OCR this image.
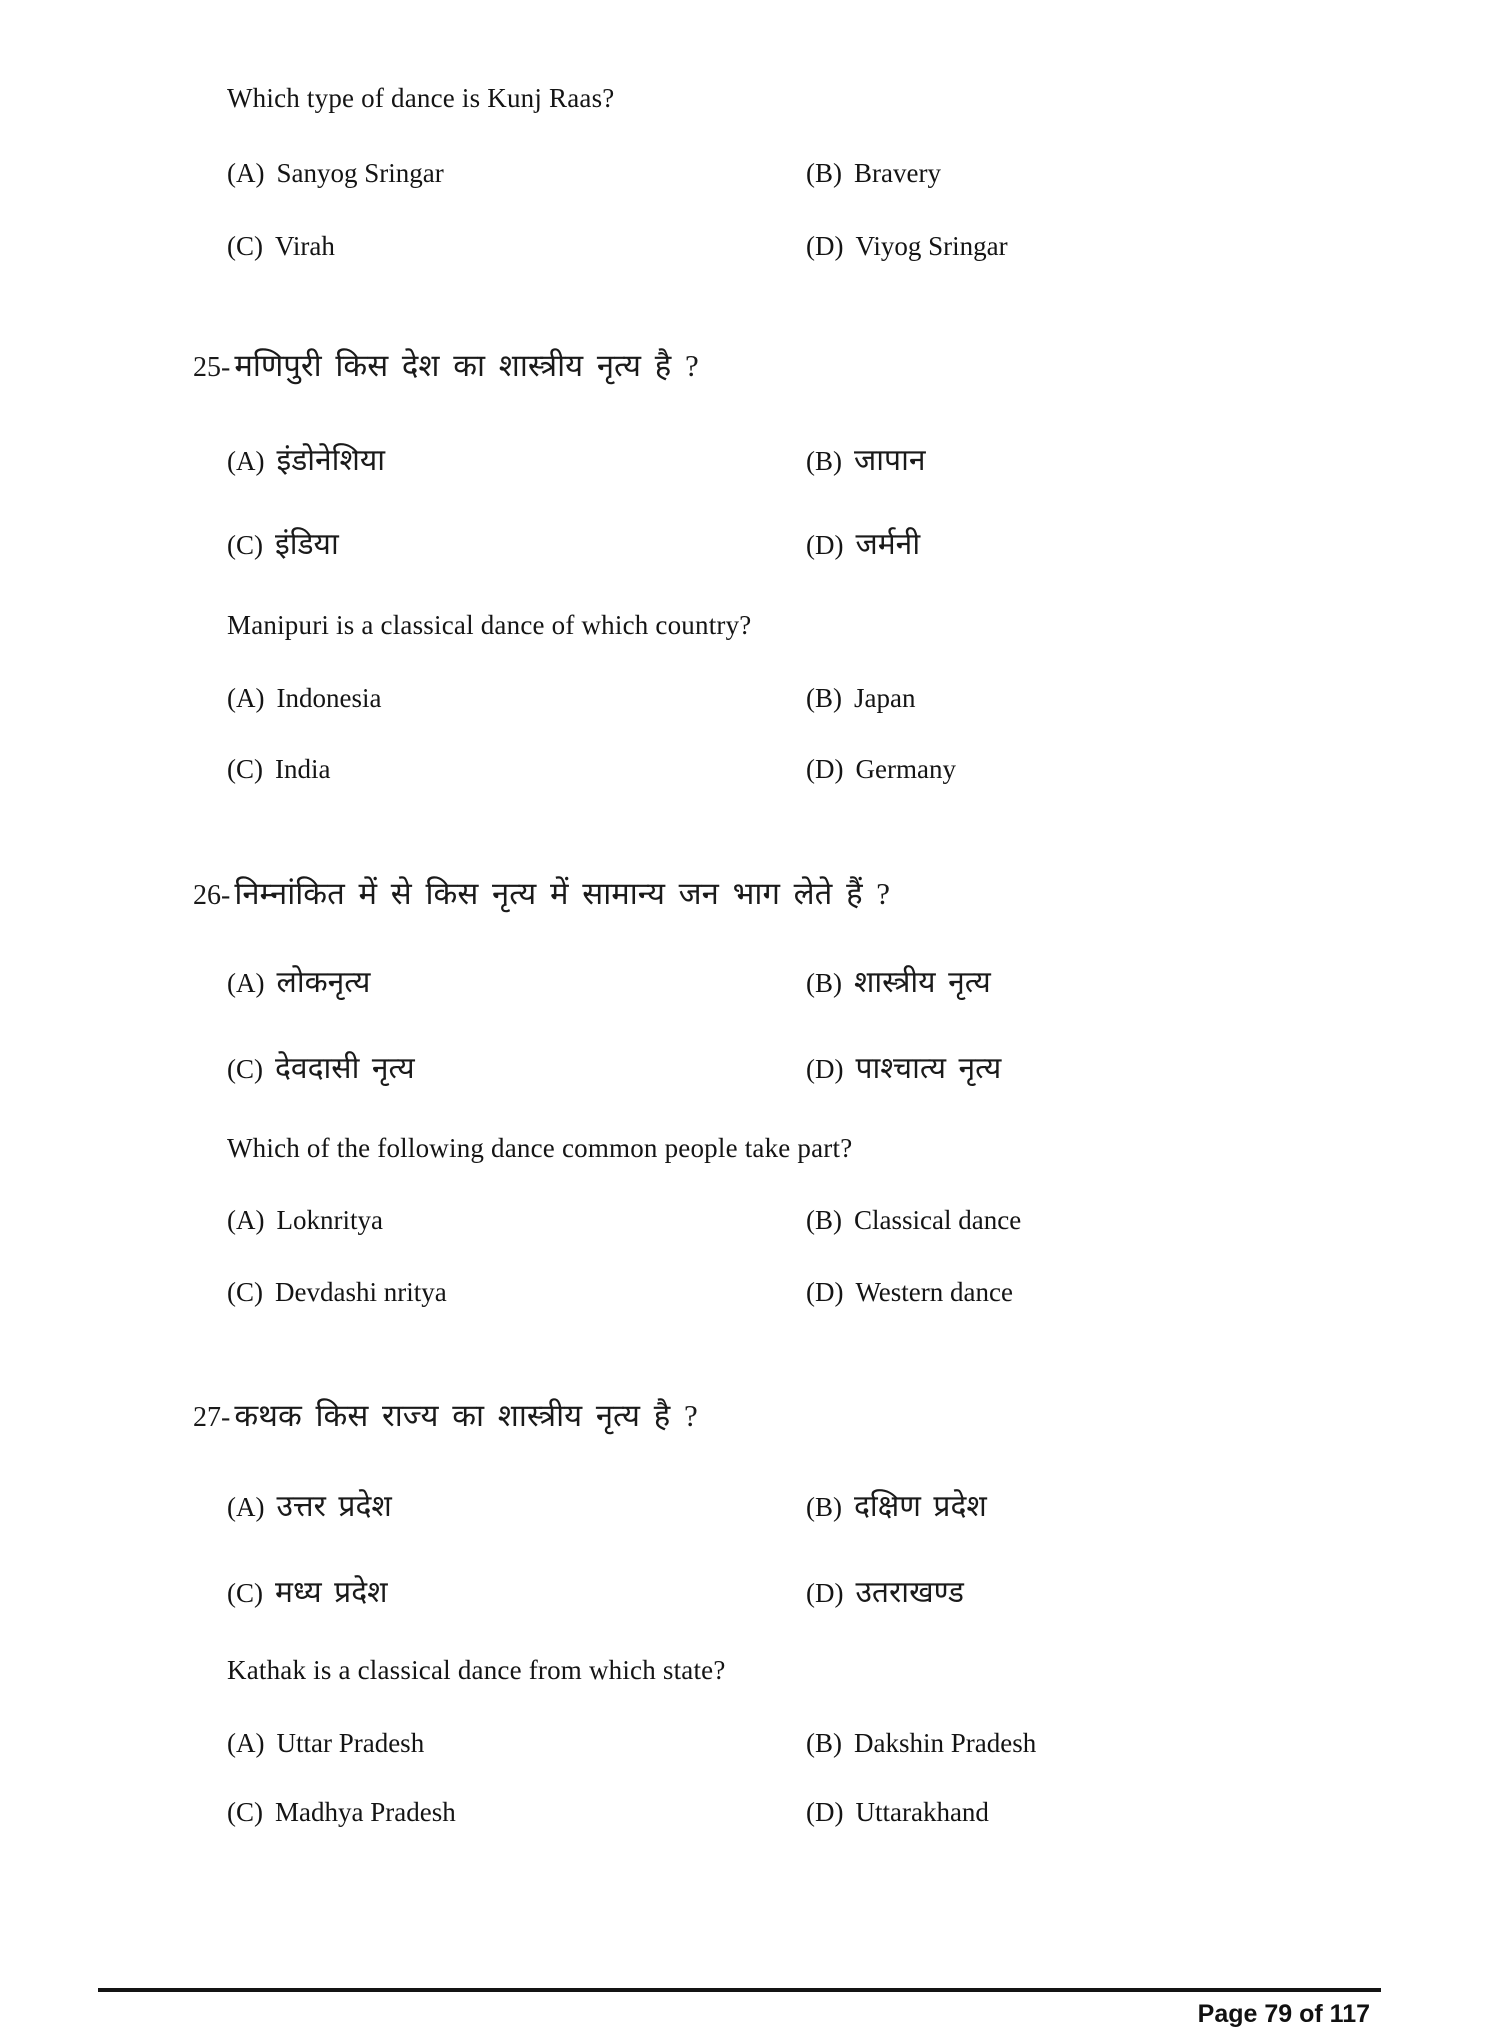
Which type of dance is Kunj Raas?
(A) Sanyog Sringar	(B) Bravery
(C) Virah	(D) Viyog Sringar
25- मणिपुरी किस देश का शास्त्रीय नृत्य है ?
(A) इंडोनेशिया	(B) जापान
(C) इंडिया	(D) जर्मनी
Manipuri is a classical dance of which country?
(A) Indonesia	(B) Japan
(C) India	(D) Germany
26- निम्नांकित में से किस नृत्य में सामान्य जन भाग लेते हैं ?
(A) लोकनृत्य	(B) शास्त्रीय नृत्य
(C) देवदासी नृत्य	(D) पाश्चात्य नृत्य
Which of the following dance common people take part?
(A) Loknritya	(B) Classical dance
(C) Devdashi nritya	(D) Western dance
27- कथक किस राज्य का शास्त्रीय नृत्य है ?
(A) उत्तर प्रदेश	(B) दक्षिण प्रदेश
(C) मध्य प्रदेश	(D) उतराखण्ड
Kathak is a classical dance from which state?
(A) Uttar Pradesh	(B) Dakshin Pradesh
(C) Madhya Pradesh	(D) Uttarakhand
Page 79 of 117
